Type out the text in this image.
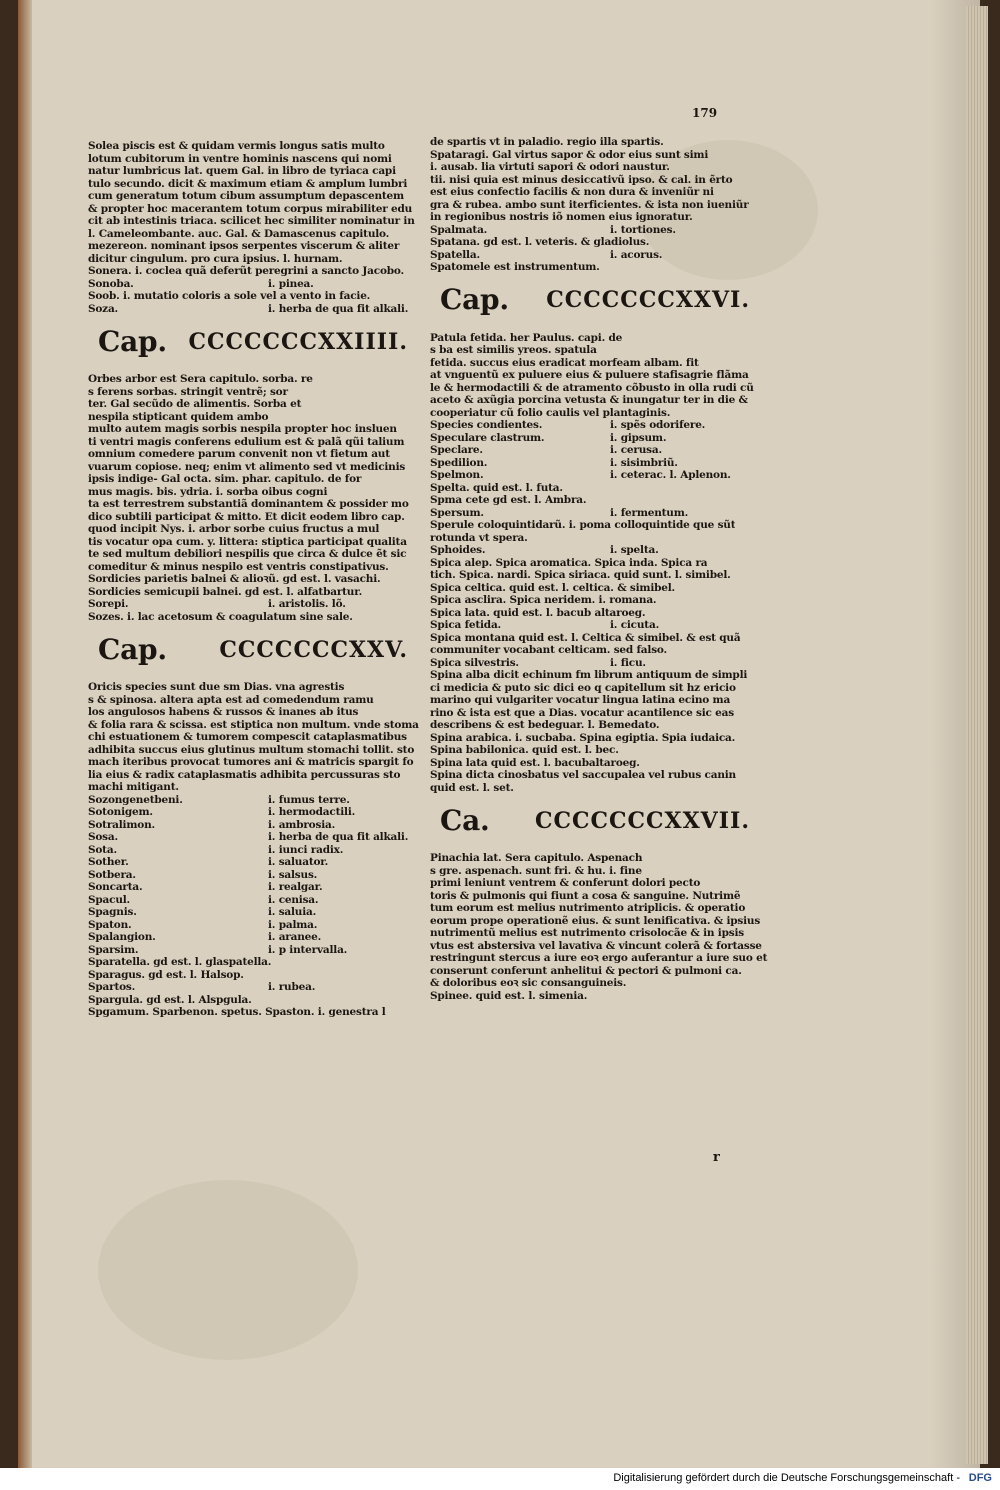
179
Solea piscis est & quidam vermis longus satis multo
lotum cubitorum in ventre hominis nascens qui nomi
natur lumbricus lat. quem Gal. in libro de tyriaca capi
tulo secundo. dicit & maximum etiam & amplum lumbri
cum generatum totum cibum assumptum depascentem
& propter hoc macerantem totum corpus mirabiliter edu
cit ab intestinis triaca. scilicet hec similiter nominatur in
l. Cameleombante. auc. Gal. & Damascenus capitulo.
mezereon. nominant ipsos serpentes viscerum & aliter
dicitur cingulum. pro cura ipsius. l. hurnam.
Sonera. i. coclea quã deferũt peregrini a sancto Jacobo.
Sonoba.	i. pinea.
Soob. i. mutatio coloris a sole vel a vento in facie.
Soza.	i. herba de qua fit alkali.
Cap. CCCCCCCXXIIII.
Orbes arbor est Sera capitulo. sorba. re
s ferens sorbas. stringit ventrẽ; sor
ter. Gal secũdo de alimentis. Sorba et
nespila stipticant quidem ambo
multo autem magis sorbis nespila propter hoc insluen
ti ventri magis conferens edulium est & palã qũi talium
omnium comedere parum convenit non vt fietum aut
vuarum copiose. neq; enim vt alimento sed vt medicinis
ipsis indige- Gal octa. sim. phar. capitulo. de for
mus magis. bis. ydria. i. sorba oibus cogni
ta est terrestrem substantiã dominantem & possider mo
dico subtili participat & mitto. Et dicit eodem libro cap.
quod incipit Nys. i. arbor sorbe cuius fructus a mul
tis vocatur opa cum. y. littera: stiptica participat qualita
te sed multum debiliori nespilis que circa & dulce ẽt sic
comeditur & minus nespilo est ventris constipativus.
Sordicies parietis balnei & alioꝛũ. gd est. l. vasachi.
Sordicies semicupii balnei. gd est. l. alfatbartur.
Sorepi.	i. aristolis. lõ.
Sozes. i. lac acetosum & coagulatum sine sale.
Cap. CCCCCCCXXV.
Oricis species sunt due sm Dias. vna agrestis
s & spinosa. altera apta est ad comedendum ramu
los angulosos habens & russos & inanes ab itus
& folia rara & scissa. est stiptica non multum. vnde stoma
chi estuationem & tumorem compescit cataplasmatibus
adhibita succus eius glutinus multum stomachi tollit. sto
mach iteribus provocat tumores ani & matricis spargit fo
lia eius & radix cataplasmatis adhibita percussuras sto
machi mitigant.
Sozongenetbeni.	i. fumus terre.
Sotonigem.	i. hermodactili.
Sotralimon.	i. ambrosia.
Sosa.	i. herba de qua fit alkali.
Sota.	i. iunci radix.
Sother.	i. saluator.
Sotbera.	i. salsus.
Soncarta.	i. realgar.
Spacul.	i. cenisa.
Spagnis.	i. saluia.
Spaton.	i. palma.
Spalangion.	i. aranee.
Sparsim.	i. p intervalla.
Sparatella. gd est. l. glaspatella.
Sparagus. gd est. l. Halsop.
Spartos.	i. rubea.
Spargula. gd est. l. Alspgula.
Spgamum. Sparbenon. spetus. Spaston. i. genestra l
de spartis vt in paladio. regio illa spartis.
Spataragi. Gal virtus sapor & odor eius sunt simi
i. ausab. lia virtuti sapori & odori naustur.
tii. nisi quia est minus desiccativũ ipso. & cal. in ẽrto
est eius confectio facilis & non dura & inveniũr ni
gra & rubea. ambo sunt iterficientes. & ista non iueniũr
in regionibus nostris iõ nomen eius ignoratur.
Spalmata.	i. tortiones.
Spatana. gd est. l. veteris. & gladiolus.
Spatella.	i. acorus.
Spatomele est instrumentum.
Cap. CCCCCCCXXVI.
Patula fetida. her Paulus. capi. de
s ba est similis yreos. spatula
fetida. succus eius eradicat morfeam albam. fit
at vnguentũ ex puluere eius & puluere stafisagrie flãma
le & hermodactili & de atramento cõbusto in olla rudi cũ
aceto & axũgia porcina vetusta & inungatur ter in die &
cooperiatur cũ folio caulis vel plantaginis.
Species condientes.	i. spẽs odorifere.
Speculare clastrum.	i. gipsum.
Speclare.	i. cerusa.
Spedilion.	i. sisimbriũ.
Spelmon.	i. ceterac. l. Aplenon.
Spelta. quid est. l. futa.
Spma cete gd est. l. Ambra.
Spersum.	i. fermentum.
Sperule coloquintidarũ. i. poma colloquintide que sũt
rotunda vt spera.
Sphoides.	i. spelta.
Spica alep. Spica aromatica. Spica inda. Spica ra
tich. Spica. nardi. Spica siriaca. quid sunt. l. simibel.
Spica celtica. quid est. l. celtica. & simibel.
Spica asclira. Spica neridem. i. romana.
Spica lata. quid est. l. bacub altaroeg.
Spica fetida.	i. cicuta.
Spica montana quid est. l. Celtica & simibel. & est quã
communiter vocabant celticam. sed falso.
Spica silvestris.	i. ficu.
Spina alba dicit echinum fm librum antiquum de simpli
ci medicia & puto sic dici eo q capitellum sit hz ericio
marino qui vulgariter vocatur lingua latina ecino ma
rino & ista est que a Dias. vocatur acantilence sic eas
describens & est bedeguar. l. Bemedato.
Spina arabica. i. sucbaba. Spina egiptia. Spia iudaica.
Spina babilonica. quid est. l. bec.
Spina lata quid est. l. bacubaltaroeg.
Spina dicta cinosbatus vel saccupalea vel rubus canin
quid est. l. set.
Ca. CCCCCCCXXVII.
Pinachia lat. Sera capitulo. Aspenach
s gre. aspenach. sunt fri. & hu. i. fine
primi leniunt ventrem & conferunt dolori pecto
toris & pulmonis qui fiunt a cosa & sanguine. Nutrimẽ
tum eorum est melius nutrimento atriplicis. & operatio
eorum prope operationẽ eius. & sunt lenificativa. & ipsius
nutrimentũ melius est nutrimento crisolocãe & in ipsis
vtus est abstersiva vel lavativa & vincunt colerã & fortasse
restringunt stercus a iure eoꝛ ergo auferantur a iure suo et
conserunt conferunt anhelitui & pectori & pulmoni ca.
& doloribus eoꝛ sic consanguineis.
Spinee. quid est. l. simenia.
r
Digitalisierung gefördert durch die Deutsche Forschungsgemeinschaft - DFG
